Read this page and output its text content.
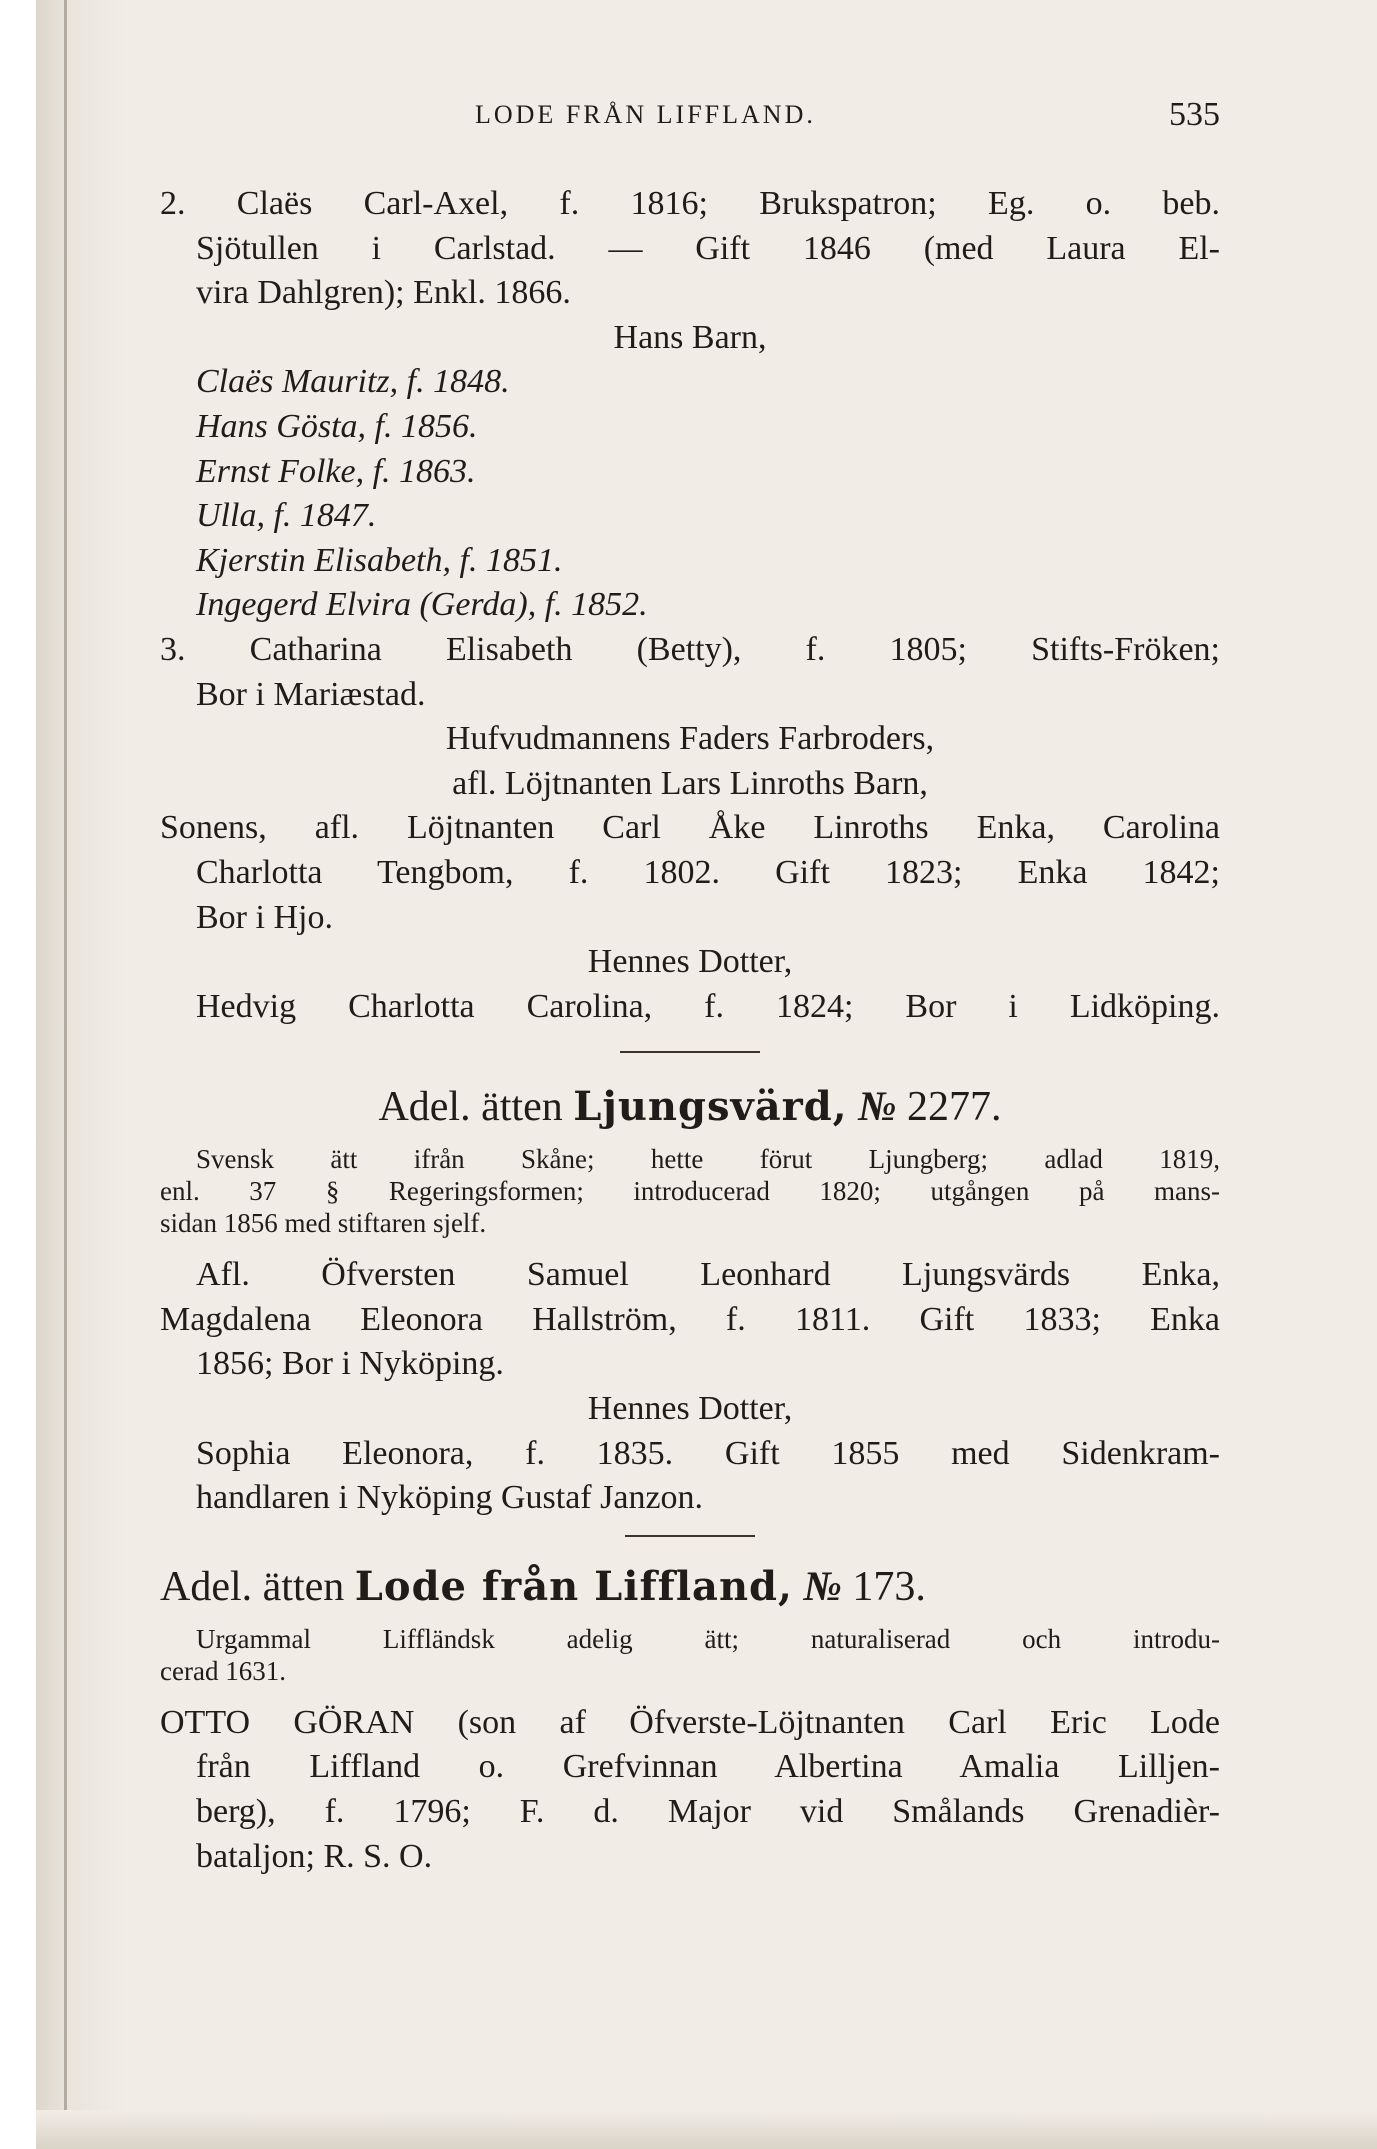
LODE FRÅN LIFFLAND.	535
2. Claës Carl-Axel, f. 1816; Brukspatron; Eg. o. beb.
Sjötullen i Carlstad. — Gift 1846 (med Laura El-
vira Dahlgren); Enkl. 1866.
Hans Barn,
Claës Mauritz, f. 1848.
Hans Gösta, f. 1856.
Ernst Folke, f. 1863.
Ulla, f. 1847.
Kjerstin Elisabeth, f. 1851.
Ingegerd Elvira (Gerda), f. 1852.
3. Catharina Elisabeth (Betty), f. 1805; Stifts-Fröken;
Bor i Mariæstad.
Hufvudmannens Faders Farbroders,
afl. Löjtnanten Lars Linroths Barn,
Sonens, afl. Löjtnanten Carl Åke Linroths Enka, Carolina
Charlotta Tengbom, f. 1802. Gift 1823; Enka 1842;
Bor i Hjo.
Hennes Dotter,
Hedvig Charlotta Carolina, f. 1824; Bor i Lidköping.
Adel. ätten Ljungsvärd, № 2277.
Svensk ätt ifrån Skåne; hette förut Ljungberg; adlad 1819,
enl. 37 § Regeringsformen; introducerad 1820; utgången på mans-
sidan 1856 med stiftaren sjelf.
Afl. Öfversten Samuel Leonhard Ljungsvärds Enka,
Magdalena Eleonora Hallström, f. 1811. Gift 1833; Enka
1856; Bor i Nyköping.
Hennes Dotter,
Sophia Eleonora, f. 1835. Gift 1855 med Sidenkram-
handlaren i Nyköping Gustaf Janzon.
Adel. ätten Lode från Liffland, № 173.
Urgammal Liffländsk adelig ätt; naturaliserad och introdu-
cerad 1631.
OTTO GÖRAN (son af Öfverste-Löjtnanten Carl Eric Lode
från Liffland o. Grefvinnan Albertina Amalia Lilljen-
berg), f. 1796; F. d. Major vid Smålands Grenadièr-
bataljon; R. S. O.
